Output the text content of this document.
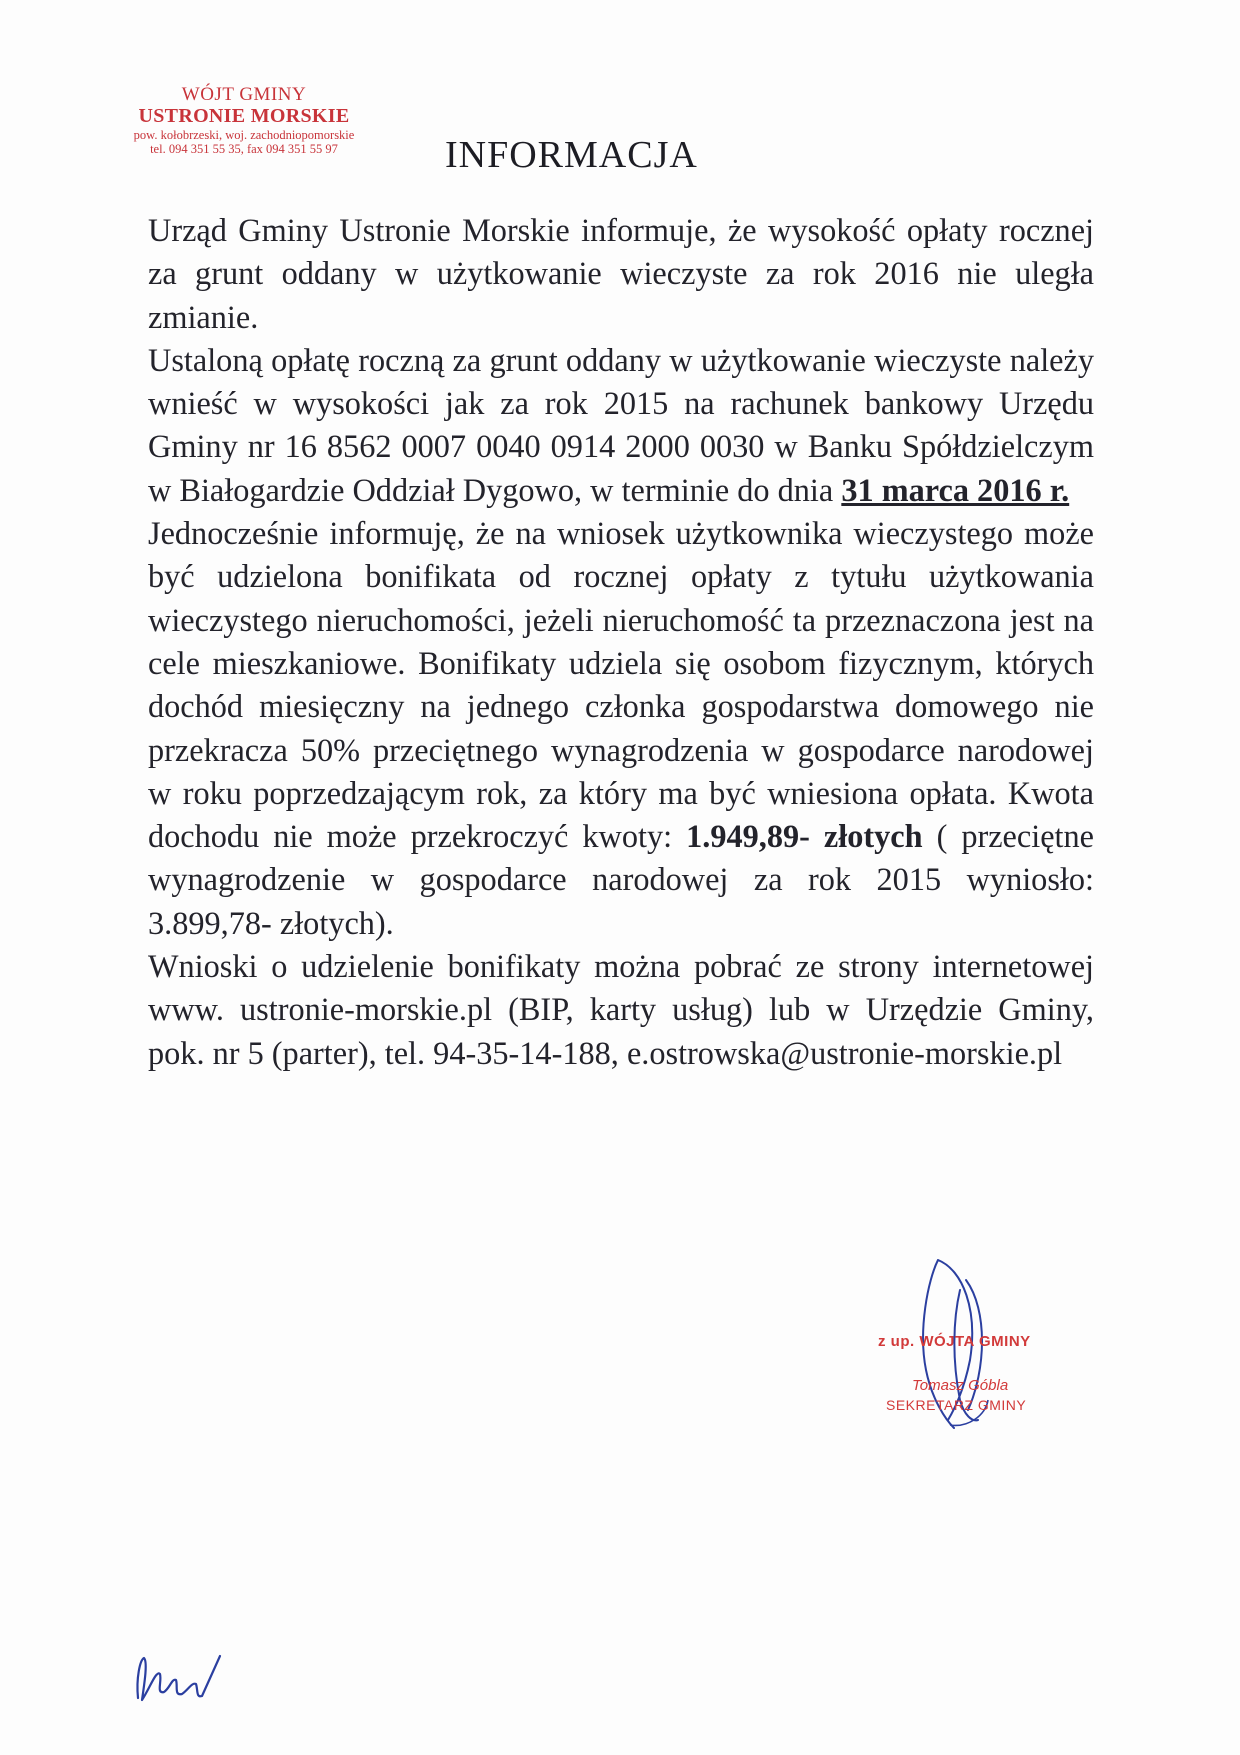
WÓJT GMINY
USTRONIE MORSKIE
pow. kołobrzeski, woj. zachodniopomorskie
tel. 094 351 55 35, fax 094 351 55 97	INFORMACJA

Urząd Gminy Ustronie Morskie informuje, że wysokość opłaty rocznej za grunt oddany w użytkowanie wieczyste za rok 2016 nie uległa zmianie.

Ustaloną opłatę roczną za grunt oddany w użytkowanie wieczyste należy wnieść w wysokości jak za rok 2015 na rachunek bankowy Urzędu Gminy nr 16 8562 0007 0040 0914 2000 0030 w Banku Spółdzielczym w Białogardzie Oddział Dygowo, w terminie do dnia 31 marca 2016 r.

Jednocześnie informuję, że na wniosek użytkownika wieczystego może być udzielona bonifikata od rocznej opłaty z tytułu użytkowania wieczystego nieruchomości, jeżeli nieruchomość ta przeznaczona jest na cele mieszkaniowe. Bonifikaty udziela się osobom fizycznym, których dochód miesięczny na jednego członka gospodarstwa domowego nie przekracza 50% przeciętnego wynagrodzenia w gospodarce narodowej w roku poprzedzającym rok, za który ma być wniesiona opłata. Kwota dochodu nie może przekroczyć kwoty: 1.949,89- złotych ( przeciętne wynagrodzenie w gospodarce narodowej za rok 2015 wyniosło: 3.899,78- złotych).

Wnioski o udzielenie bonifikaty można pobrać ze strony internetowej www. ustronie-morskie.pl (BIP, karty usług) lub w Urzędzie Gminy, pok. nr 5 (parter), tel. 94-35-14-188, e.ostrowska@ustronie-morskie.pl

z up. WÓJTA GMINY
Tomasz Góbla
SEKRETARZ GMINY
